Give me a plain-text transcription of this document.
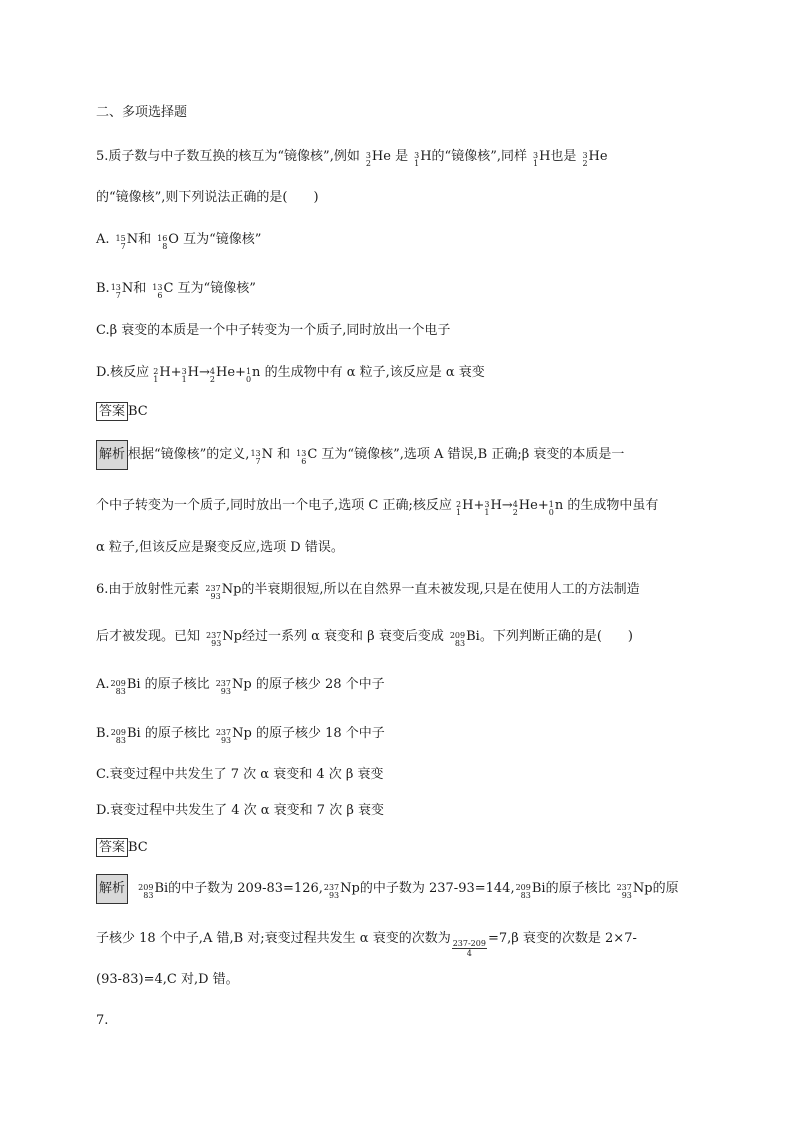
二、多项选择题
5.质子数与中子数互换的核互为“镜像核”,例如 3
2 He 是 3
1 H的“镜像核”,同样 3
1 H也是 3
2 He
的“镜像核”,则下列说法正确的是(　　)
A. 15
7 N和 16
8 O 互为“镜像核”
B. 13
7 N和 13
6 C 互为“镜像核”
C.β 衰变的本质是一个中子转变为一个质子,同时放出一个电子
D.核反应 2
1 H+ 3
1 H→ 4
2 He+ 1
0 n 的生成物中有 α 粒子,该反应是 α 衰变
答案 BC
解析 根据“镜像核”的定义, 13
7 N 和 13
6 C 互为“镜像核”,选项 A 错误,B 正确;β 衰变的本质是一
个中子转变为一个质子,同时放出一个电子,选项 C 正确;核反应 2
1 H+ 3
1 H→ 4
2 He+ 1
0 n 的生成物中虽有
α 粒子,但该反应是聚变反应,选项 D 错误。
6.由于放射性元素 237
93 Np的半衰期很短,所以在自然界一直未被发现,只是在使用人工的方法制造
后才被发现。已知 237
93 Np经过一系列 α 衰变和 β 衰变后变成 209
83 Bi。下列判断正确的是(　　)
A. 209
83 Bi 的原子核比 237
93 Np 的原子核少 28 个中子
B. 209
83 Bi 的原子核比 237
93 Np 的原子核少 18 个中子
C.衰变过程中共发生了 7 次 α 衰变和 4 次 β 衰变
D.衰变过程中共发生了 4 次 α 衰变和 7 次 β 衰变
答案 BC
解析 209
83 Bi的中子数为 209-83=126, 237
93 Np的中子数为 237-93=144, 209
83 Bi的原子核比 237
93 Np的原
子核少 18 个中子,A 错,B 对;衰变过程共发生 α 衰变的次数为
$\frac{237-209}{4}$
=7,β 衰变的次数是 2×7-
(93-83)=4,C 对,D 错。
7.
